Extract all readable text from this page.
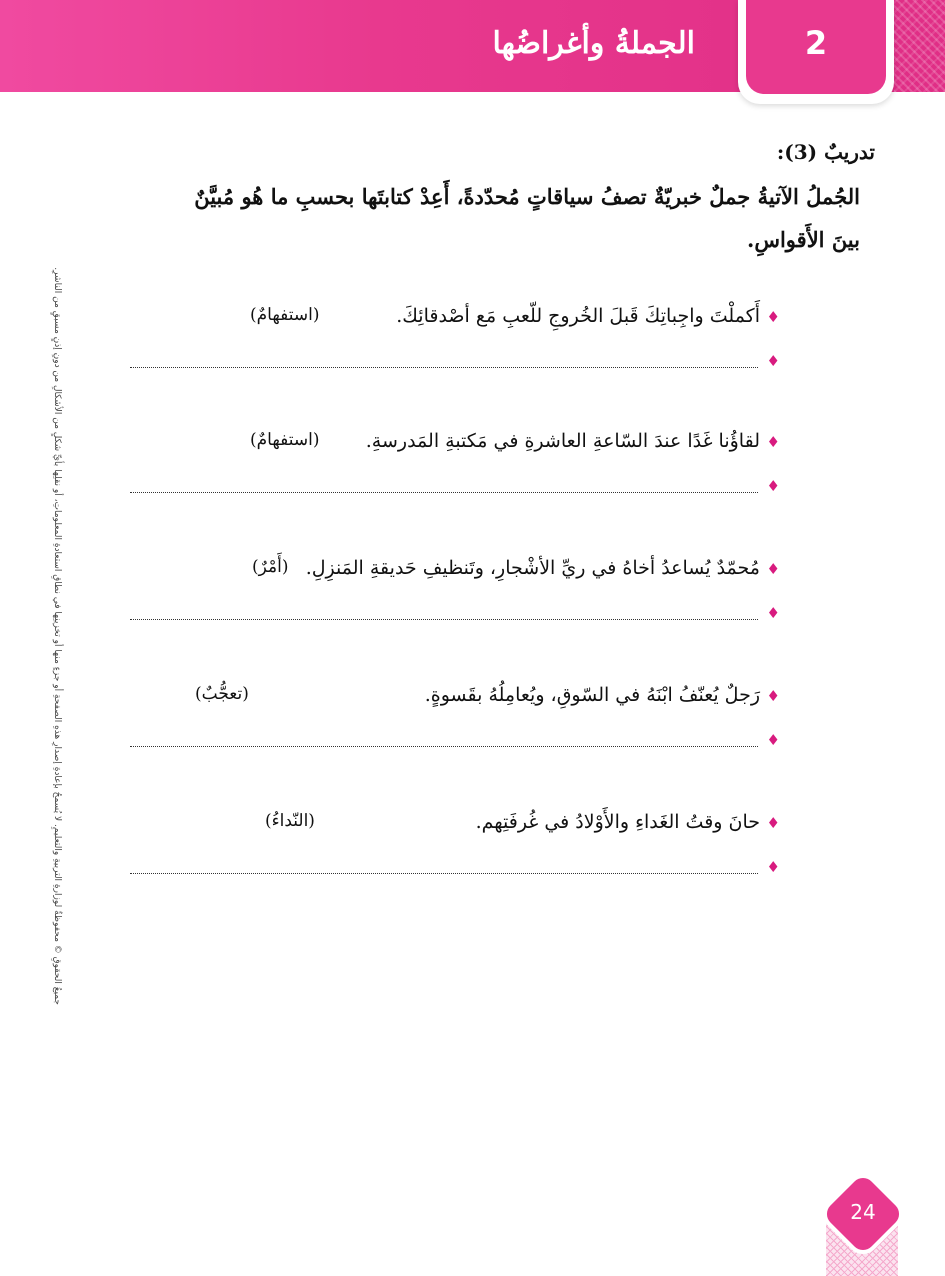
الجملةُ وأغراضُها	2
تدريبٌ (3):
الجُملُ الآتيةُ جملٌ خبريّةٌ تصفُ سياقاتٍ مُحدّدةً، أَعِدْ كتابتَها بحسبِ ما هُو مُبيَّنٌ بينَ الأَقواسِ.
♦
أَكملْتَ واجِباتِكَ قَبلَ الخُروجِ للّعبِ مَع أصْدقائِكَ.
(استفهامٌ)
♦
♦
لقاؤُنا غَدًا عندَ السّاعةِ العاشرةِ في مَكتبةِ المَدرسةِ.
(استفهامٌ)
♦
♦
مُحمّدٌ يُساعدُ أخاهُ في ريِّ الأشْجارِ، وتَنظيفِ حَديقةِ المَنزِلِ.
(أَمْرٌ)
♦
♦
رَجلٌ يُعنّفُ ابْنَهُ في السّوقِ، ويُعامِلُهُ بقَسوةٍ.
(تعجُّبٌ)
♦
♦
حانَ وقتُ الغَداءِ والأَوْلادُ في غُرفَتِهم.
(النّداءُ)
♦
جميعُ الحقوقِ © محفوظةٌ لوزارةِ التربيةِ والتعليمِ. لا يُسمحُ بإعادةِ إصدارِ هذهِ الصفحةِ أو جزءٍ منها أو تخزينِها في نطاقِ استعادةِ المعلوماتِ، أو نقلِها بأيِّ شكلٍ من الأشكالِ من دونِ إذنٍ مسبقٍ من الناشرِ.
24
